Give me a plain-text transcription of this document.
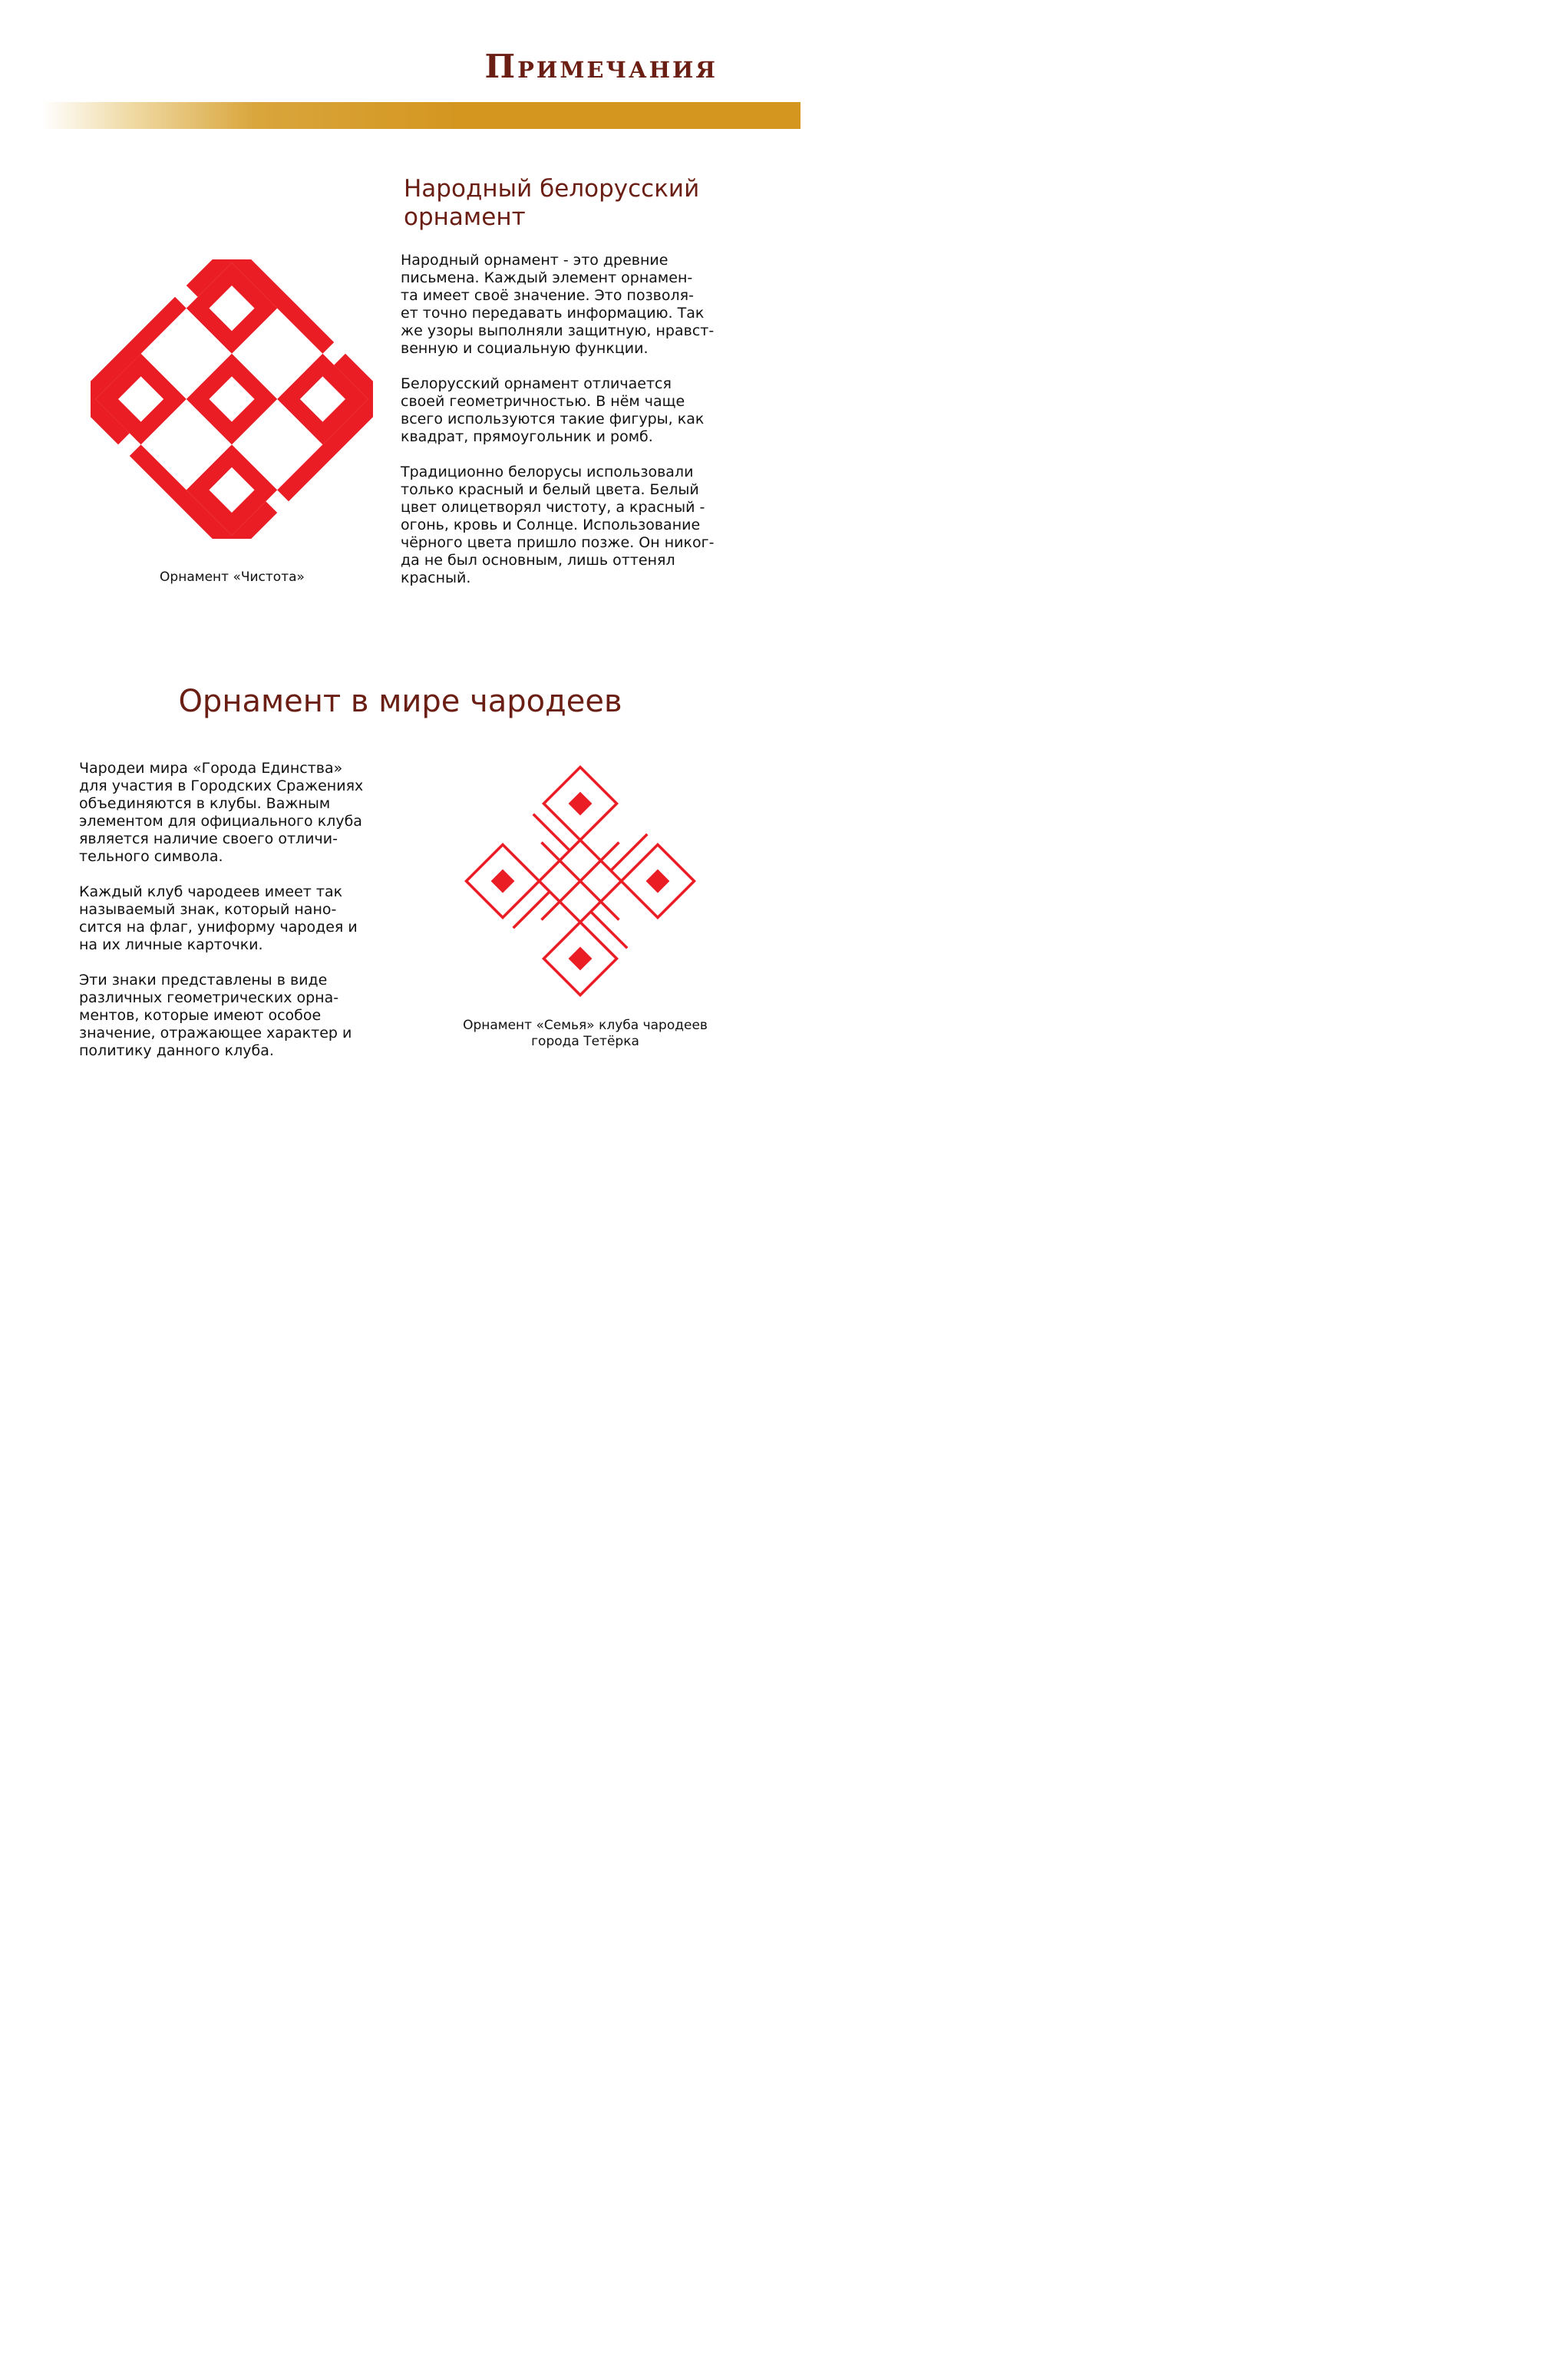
Примечания
Народный белорусский
орнамент

Народный орнамент - это древние
письмена. Каждый элемент орнамен-
та имеет своё значение. Это позволя-
ет точно передавать информацию. Так
же узоры выполняли защитную, нравст-
венную и социальную функции.

Белорусский орнамент отличается
своей геометричностью. В нём чаще
всего используются такие фигуры, как
квадрат, прямоугольник и ромб.

Традиционно белорусы использовали
только красный и белый цвета. Белый
цвет олицетворял чистоту, а красный -
огонь, кровь и Солнце. Использование
чёрного цвета пришло позже. Он никог-
да не был основным, лишь оттенял
красный.

Орнамент «Чистота»

Орнамент в мире чародеев

Чародеи мира «Города Единства»
для участия в Городских Сражениях
объединяются в клубы. Важным
элементом для официального клуба
является наличие своего отличи-
тельного символа.

Каждый клуб чародеев имеет так
называемый знак, который нано-
сится на флаг, униформу чародея и
на их личные карточки.

Эти знаки представлены в виде
различных геометрических орна-
ментов, которые имеют особое
значение, отражающее характер и
политику данного клуба.

Орнамент «Семья» клуба чародеев
города Тетёрка
